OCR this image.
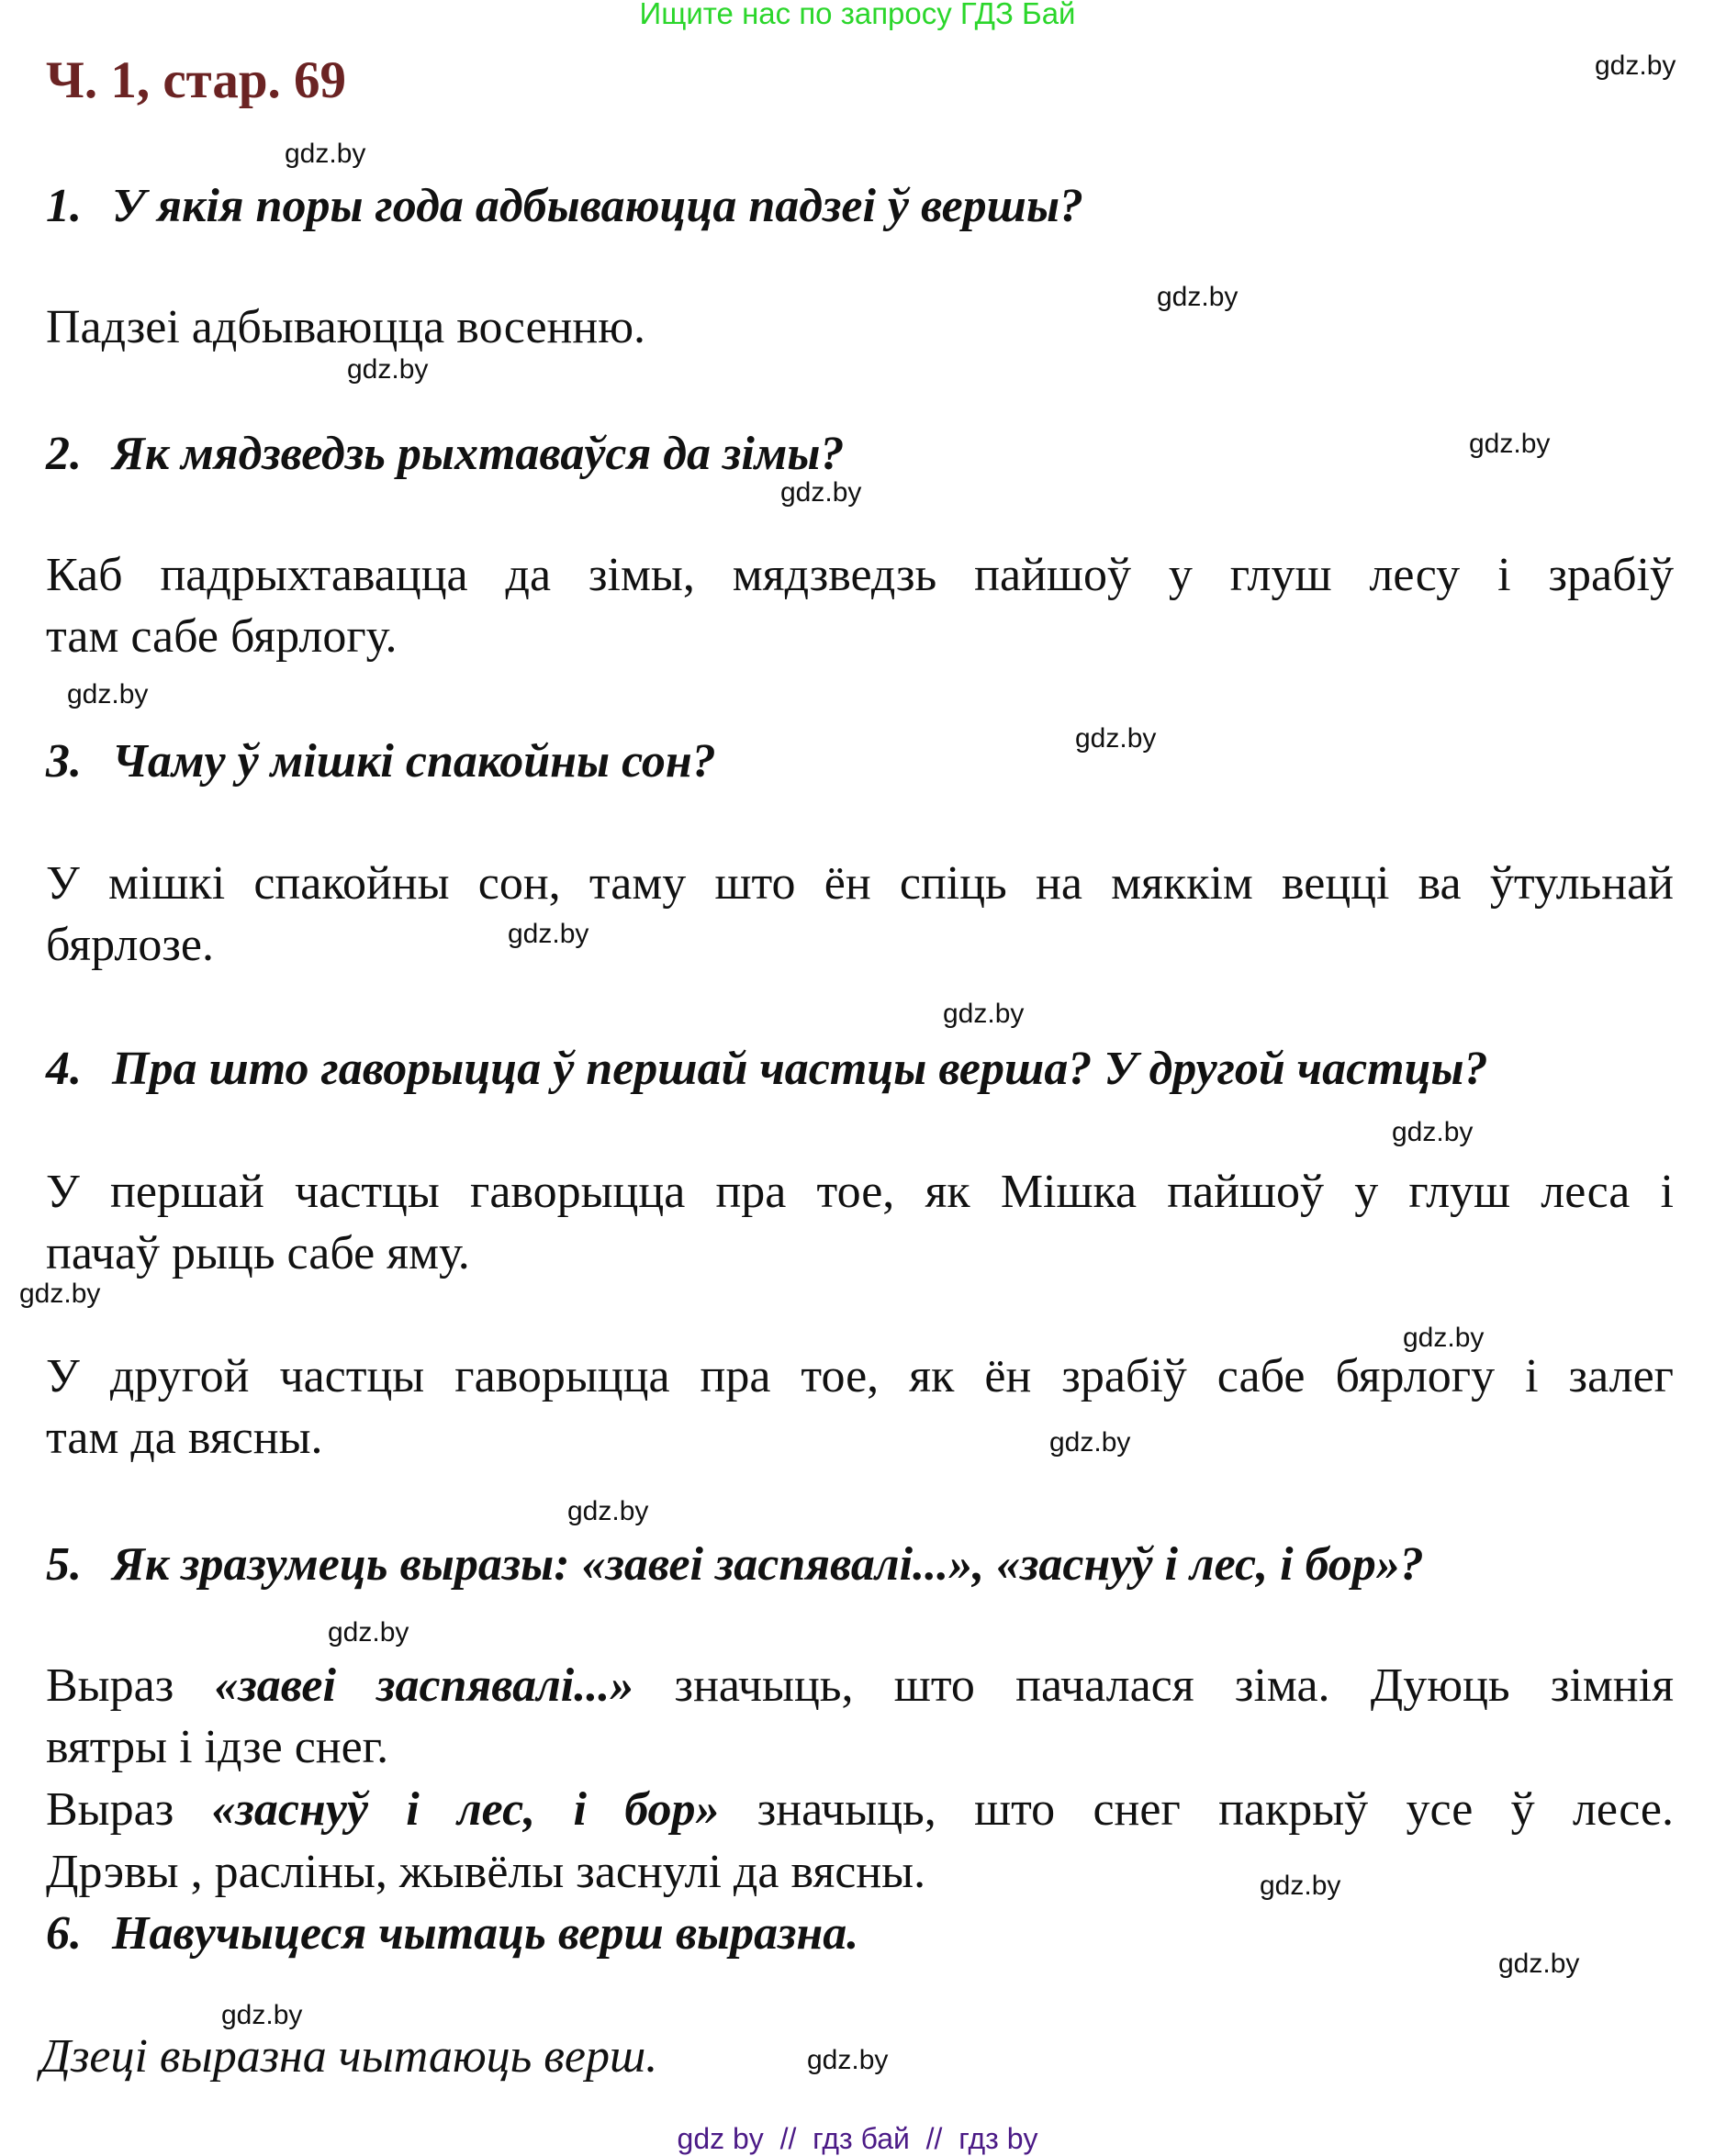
Ищите нас по запросу ГДЗ Бай
Ч. 1, стар. 69
1. У якія поры года адбываюцца падзеі ў вершы?
Падзеі адбываюцца восенню.
2. Як мядзведзь рыхтаваўся да зімы?
Каб падрыхтавацца да зімы, мядзведзь пайшоў у глуш лесу і зрабіў
там сабе бярлогу.
3. Чаму ў мішкі спакойны сон?
У мішкі спакойны сон, таму што ён спіць на мяккім вецці ва ўтульнай
бярлозе.
4. Пра што гаворыцца ў першай частцы верша? У другой частцы?
У першай частцы гаворыцца пра тое, як Мішка пайшоў у глуш леса і
пачаў рыць сабе яму.
У другой частцы гаворыцца пра тое, як ён зрабіў сабе бярлогу і залег
там да вясны.
5. Як зразумець выразы: «завеі заспявалі...», «заснуў і лес, і бор»?
Выраз «завеі заспявалі...» значыць, што пачалася зіма. Дуюць зімнія
вятры і ідзе снег.
Выраз «заснуў і лес, і бор» значыць, што снег пакрыў усе ў лесе.
Дрэвы , расліны, жывёлы заснулі да вясны.
6. Навучыцеся чытаць верш выразна.
Дзеці выразна чытаюць верш.
gdz.by
gdz.by
gdz.by
gdz.by
gdz.by
gdz.by
gdz.by
gdz.by
gdz.by
gdz.by
gdz.by
gdz.by
gdz.by
gdz.by
gdz.by
gdz.by
gdz.by
gdz.by
gdz.by
gdz.by
gdz by  //  гдз бай  //  гдз by
